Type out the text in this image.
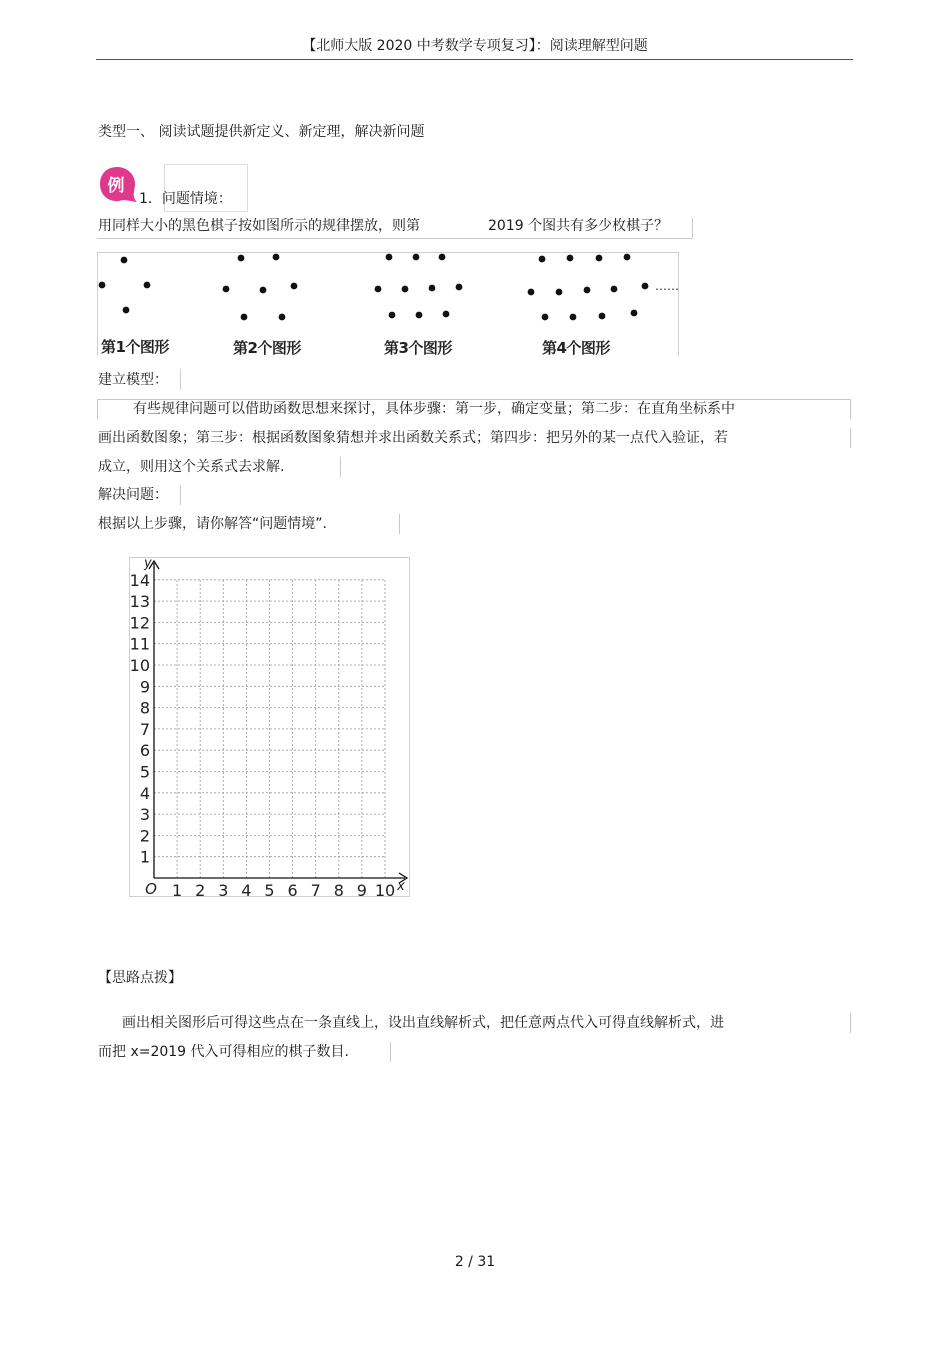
【北师大版 2020 中考数学专项复习】：阅读理解型问题
类型一、 阅读试题提供新定义、新定理，解决新问题
例
1．问题情境：
用同样大小的黑色棋子按如图所示的规律摆放，则第	2019 个图共有多少枚棋子？
……
第1个图形	第2个图形	第3个图形	第4个图形
建立模型：
有些规律问题可以借助函数思想来探讨，具体步骤：第一步，确定变量；第二步：在直角坐标系中
画出函数图象；第三步：根据函数图象猜想并求出函数关系式；第四步：把另外的某一点代入验证，若
成立，则用这个关系式去求解.
解决问题：
根据以上步骤，请你解答“问题情境”.
1
2
3
4
5
6
7
8
9
10
11
12
13
14
1 2 3 4 5 6 7 8 9 10
O
y
x
【思路点拨】
画出相关图形后可得这些点在一条直线上，设出直线解析式，把任意两点代入可得直线解析式，进
而把 x=2019 代入可得相应的棋子数目.
2 / 31
